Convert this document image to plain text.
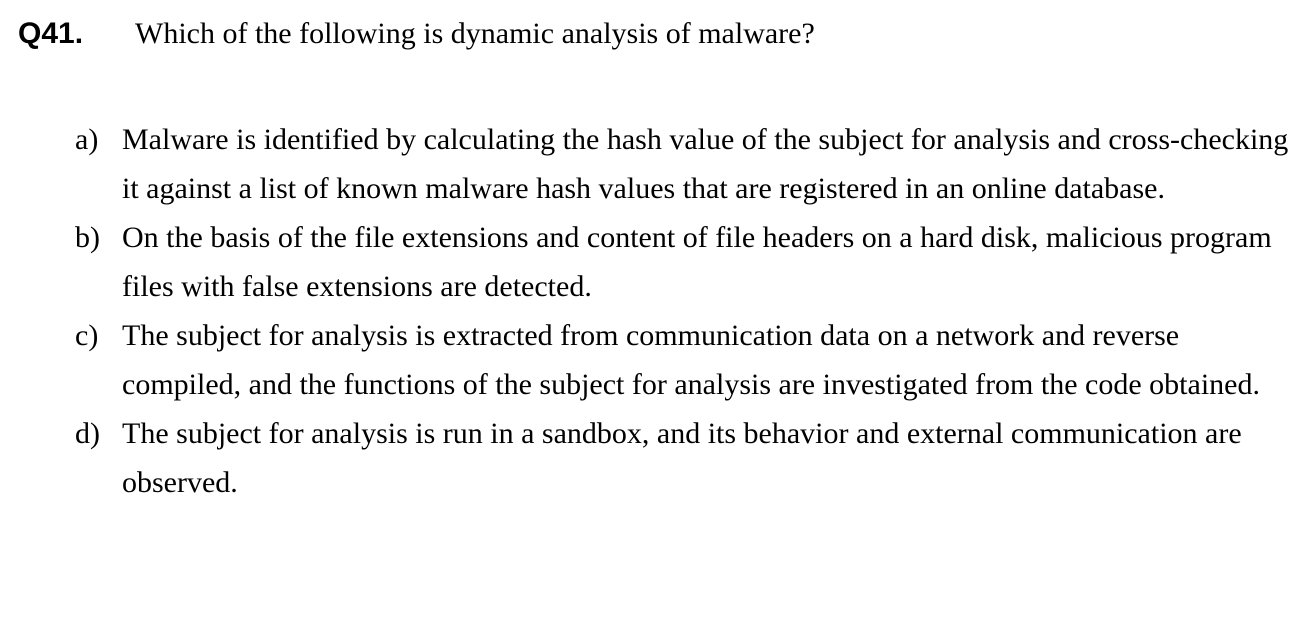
Q41.	Which of the following is dynamic analysis of malware?
a) Malware is identified by calculating the hash value of the subject for analysis and cross-checking it against a list of known malware hash values that are registered in an online database.
b) On the basis of the file extensions and content of file headers on a hard disk, malicious program files with false extensions are detected.
c) The subject for analysis is extracted from communication data on a network and reverse compiled, and the functions of the subject for analysis are investigated from the code obtained.
d) The subject for analysis is run in a sandbox, and its behavior and external communication are observed.
